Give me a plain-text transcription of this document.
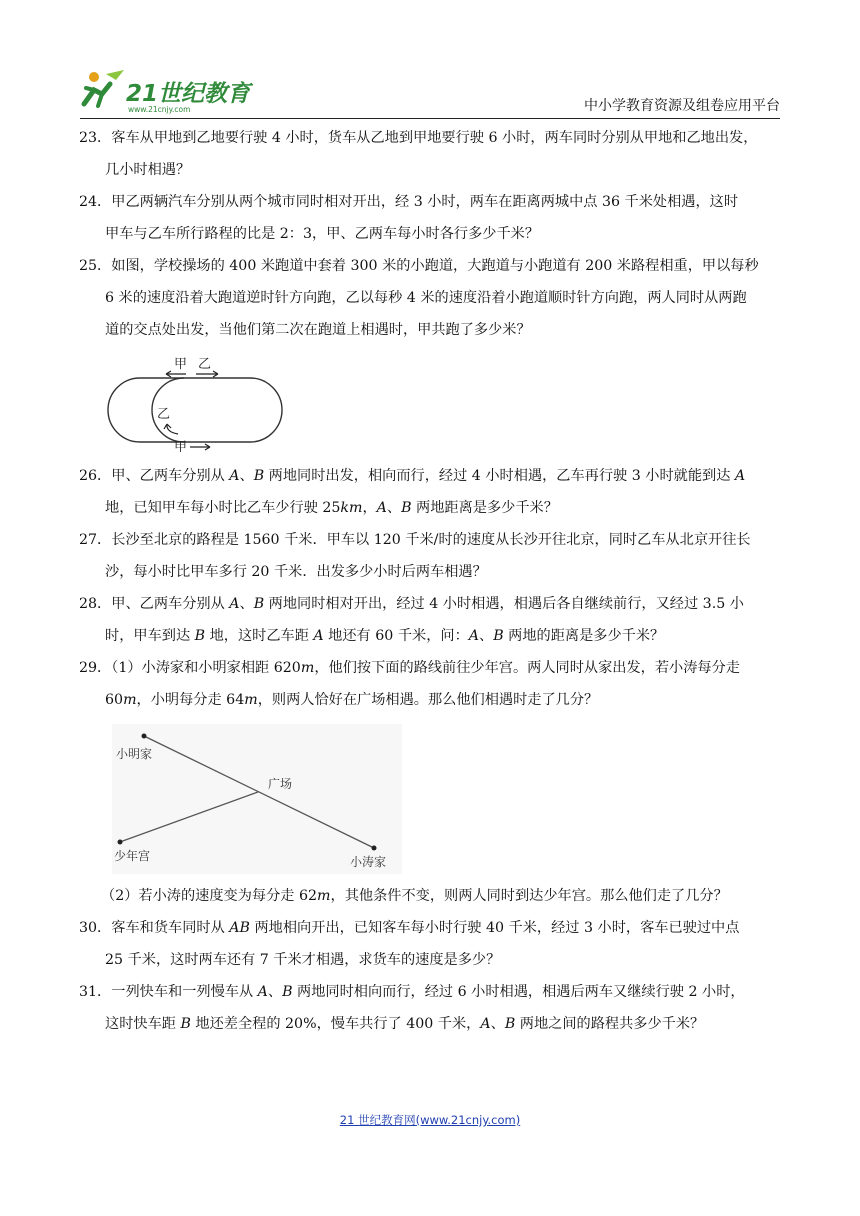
21世纪教育
www.21cnjy.com	中小学教育资源及组卷应用平台

23．客车从甲地到乙地要行驶 4 小时，货车从乙地到甲地要行驶 6 小时，两车同时分别从甲地和乙地出发，

几小时相遇？

24．甲乙两辆汽车分别从两个城市同时相对开出，经 3 小时，两车在距离两城中点 36 千米处相遇，这时

甲车与乙车所行路程的比是 2：3，甲、乙两车每小时各行多少千米？

25．如图，学校操场的 400 米跑道中套着 300 米的小跑道，大跑道与小跑道有 200 米路程相重，甲以每秒

6 米的速度沿着大跑道逆时针方向跑，乙以每秒 4 米的速度沿着小跑道顺时针方向跑，两人同时从两跑

道的交点处出发，当他们第二次在跑道上相遇时，甲共跑了多少米？

甲 乙
乙
甲

26．甲、乙两车分别从 A、B 两地同时出发，相向而行，经过 4 小时相遇，乙车再行驶 3 小时就能到达 A

地，已知甲车每小时比乙车少行驶 25km，A、B 两地距离是多少千米？

27．长沙至北京的路程是 1560 千米．甲车以 120 千米/时的速度从长沙开往北京，同时乙车从北京开往长

沙，每小时比甲车多行 20 千米．出发多少小时后两车相遇？

28．甲、乙两车分别从 A、B 两地同时相对开出，经过 4 小时相遇，相遇后各自继续前行，又经过 3.5 小

时，甲车到达 B 地，这时乙车距 A 地还有 60 千米，问：A、B 两地的距离是多少千米？

29．（1）小涛家和小明家相距 620m，他们按下面的路线前往少年宫。两人同时从家出发，若小涛每分走

60m，小明每分走 64m，则两人恰好在广场相遇。那么他们相遇时走了几分？

小明家
广场
少年宫	小涛家

（2）若小涛的速度变为每分走 62m，其他条件不变，则两人同时到达少年宫。那么他们走了几分？

30．客车和货车同时从 AB 两地相向开出，已知客车每小时行驶 40 千米，经过 3 小时，客车已驶过中点

25 千米，这时两车还有 7 千米才相遇，求货车的速度是多少？

31．一列快车和一列慢车从 A、B 两地同时相向而行，经过 6 小时相遇，相遇后两车又继续行驶 2 小时，

这时快车距 B 地还差全程的 20%，慢车共行了 400 千米，A、B 两地之间的路程共多少千米？

21 世纪教育网(www.21cnjy.com)
